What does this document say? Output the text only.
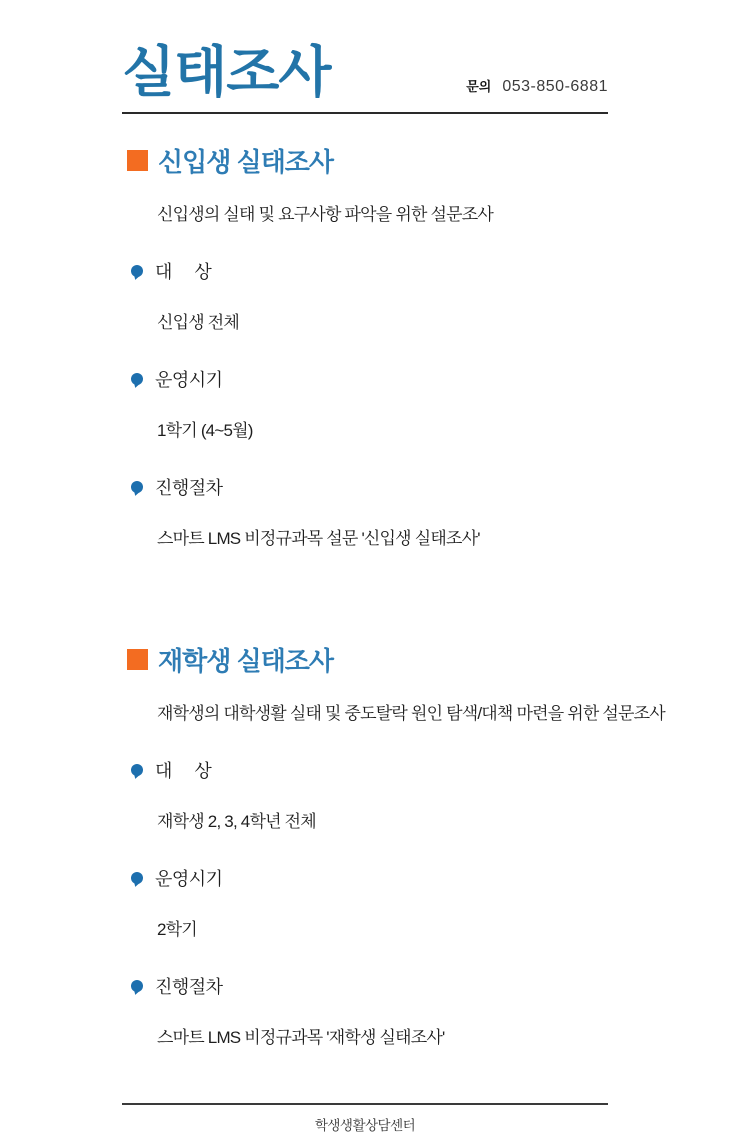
실태조사	문의 053-850-6881
신입생 실태조사
신입생의 실태 및 요구사항 파악을 위한 설문조사
대     상
신입생 전체
운영시기
1학기 (4~5월)
진행절차
스마트 LMS 비정규과목 설문 '신입생 실태조사'
재학생 실태조사
재학생의 대학생활 실태 및 중도탈락 원인 탐색/대책 마련을 위한 설문조사
대     상
재학생 2, 3, 4학년 전체
운영시기
2학기
진행절차
스마트 LMS 비정규과목 '재학생 실태조사'
학생생활상담센터
